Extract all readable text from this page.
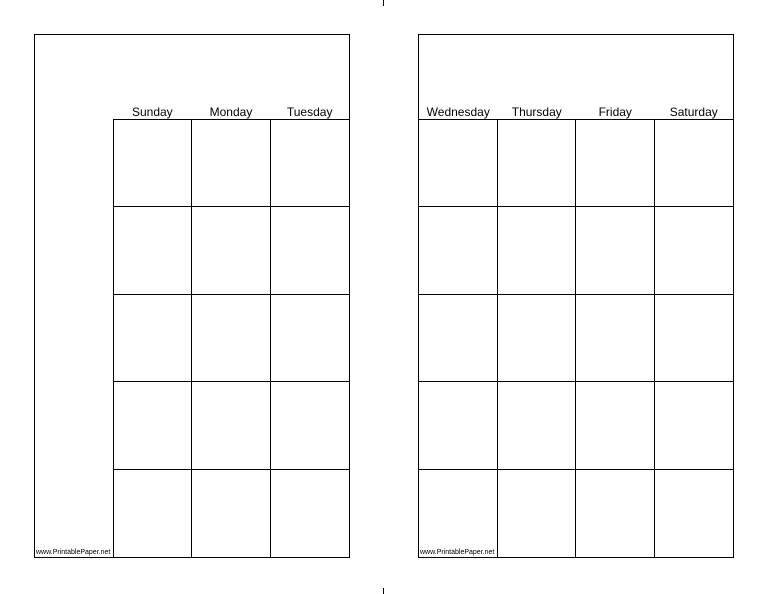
Sunday	Monday	Tuesday
www.PrintablePaper.net
Wednesday	Thursday	Friday	Saturday
www.PrintablePaper.net
